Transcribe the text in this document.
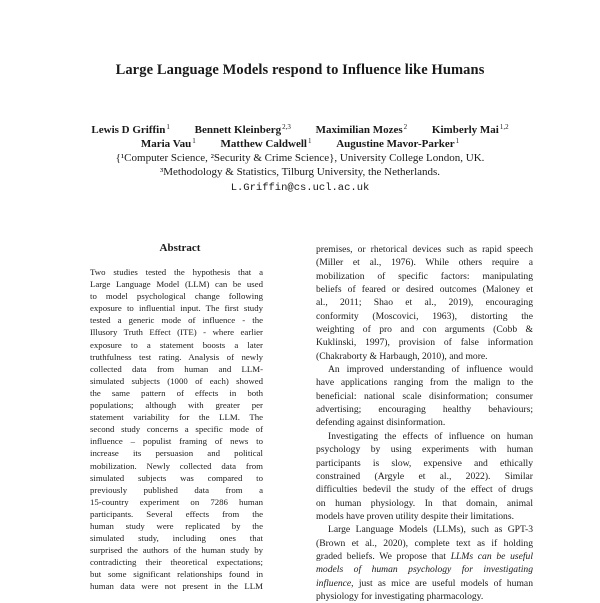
Large Language Models respond to Influence like Humans
Lewis D Griffin$^1$ Bennett Kleinberg$^{2,3}$ Maximilian Mozes$^2$ Kimberly Mai$^{1,2}$
Maria Vau$^1$ Matthew Caldwell$^1$ Augustine Mavor-Parker$^1$
{¹Computer Science, ²Security & Crime Science}, University College London, UK.
³Methodology & Statistics, Tilburg University, the Netherlands.
L.Griffin@cs.ucl.ac.uk
Abstract
Two studies tested the hypothesis that a
Large Language Model (LLM) can be used
to model psychological change following
exposure to influential input. The first study
tested a generic mode of influence - the
Illusory Truth Effect (ITE) - where earlier
exposure to a statement boosts a later
truthfulness test rating. Analysis of newly
collected data from human and LLM-
simulated subjects (1000 of each) showed
the same pattern of effects in both
populations; although with greater per
statement variability for the LLM. The
second study concerns a specific mode of
influence – populist framing of news to
increase its persuasion and political
mobilization. Newly collected data from
simulated subjects was compared to
previously published data from a
15-country experiment on 7286 human
participants. Several effects from the
human study were replicated by the
simulated study, including ones that
surprised the authors of the human study by
contradicting their theoretical expectations;
but some significant relationships found in
human data were not present in the LLM

premises, or rhetorical devices such as rapid speech
(Miller et al., 1976). While others require a
mobilization of specific factors: manipulating
beliefs of feared or desired outcomes (Maloney et
al., 2011; Shao et al., 2019), encouraging
conformity (Moscovici, 1963), distorting the
weighting of pro and con arguments (Cobb &
Kuklinski, 1997), provision of false information
(Chakraborty & Harbaugh, 2010), and more.

An improved understanding of influence would
have applications ranging from the malign to the
beneficial: national scale disinformation; consumer
advertising; encouraging healthy behaviours;
defending against disinformation.

Investigating the effects of influence on human
psychology by using experiments with human
participants is slow, expensive and ethically
constrained (Argyle et al., 2022). Similar
difficulties bedevil the study of the effect of drugs
on human physiology. In that domain, animal
models have proven utility despite their limitations.

Large Language Models (LLMs), such as GPT-3
(Brown et al., 2020), complete text as if holding
graded beliefs. We propose that LLMs can be useful
models of human psychology for investigating
influence, just as mice are useful models of human
physiology for investigating pharmacology.
